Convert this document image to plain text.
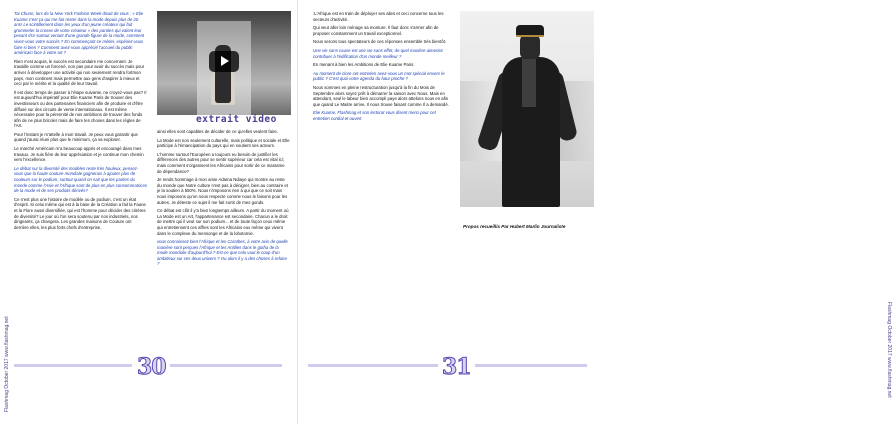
Tai Chunn, lors de la New York Fashion Week disait de vous : « Elie Kuame c'est ça qui me fait rester dans la mode depuis plus de 20 ans! Le scintillement dans les yeux d'un jeune créateur qui fait grommeler la crosse de votre créateur » des paroles qui valent leur pesant d'or surtout venant d'une grande figure de la mode, comment vivez-vous votre succès ? En commençant ce métier, espériez-vous faire si bien ? Comment avez-vous apprécié l'accueil du public américain face à votre art ?

Rien n'est acquis, le succès est secondaire me concernant. Je travaille comme un forcené, non pas pour avoir du succès mais pour arriver à développer une activité qui non seulement rendra fortmon pays, mon continent mais permettre aux gens d'aspirer à mieux et ceci par le mérite et la qualité de leur travail.

Il est donc temps de passer à l'étape suivante, ne croyez-vous pas? Il est aujourd'hui impératif pour Elie Kuame Paris de trouver des investisseurs ou des partenaires financiers afin de produire et d'être diffusé sur des circuits de vente internationaux. Il est même nécessaire pour la pérennité de nos ambitions de trouver des fonds afin de ne plus bricoler mais de faire les choses dans les règles de l'Art.

Pour l'instant je m'attelle à mon travail. Je peux vous garantir que quand j'aurai réuni plus que le minimum, ça va exploser.

Le marché Américain m'a beaucoup appris et encouragé dans mes travaux. Je suis fière de leur appréciation et je continue mon chemin vers l'excellence.

Le débat sur la diversité des modèles reste très houleux, pensez-vous que la haute couture mondiale gagnerais à ajouter plus de couleurs sur le podium, surtout quand on sait que les parties du monde comme l'Asie et l'Afrique sont de plus en plus consommatrices de la mode et de ses produits dérivés?

Ce n'est plus une histoire de modèle ou de podium, c'est un état d'esprit. Si celui même qui est à la base de la Création a fait la Faune et la Flore aussi diversifiée, qui est l'homme pour décider des critères de diversité? Le jour où l'on sera soutenu par nos industriels, nos dirigeants, ça changera. Les grandes maisons de Couture ont derrière elles, les plus forts chefs d'entreprise,

extrait video

ainsi elles sont capables de décider de ce qu'elles veulent faire.

La Mode est non seulement culturelle, mais politique et sociale et Elle participe à l'émancipation du pays qui en soutient ses acteurs.

L'homme surtout l'Européen a toujours eu besoin de justifier les différences des autres pour se sentir supérieur car cela est vital ici; mais comment s'organisent les Africains pour sortir de ce marasme de dépendance?

Je rends hommage à mon amie Adama Ndiaye qui montre au reste du monde que Notre culture n'est pas à dénigrer, bien au contraire et je la soutien à 550%. Nous n'imposons rien à qui que ce soit mais nous imposons qu'on nous respecte comme nous le faisons pour les autres. Je déteste ce sujet il me fait sortir de mes gonds.

Ce débat est clôt il y'a bien longtemps ailleurs. A partir du moment où La Mode est un Art, l'appartenance est secondaire. Chacun a le droit de mettre qui il veut sur son podium... et de toute façon ceux même qui entretiennent ces affres sont les Africains eux même qui vivent dans le complexe du mensonge et de la lobotomie.

vous connaissez bien l'Afrique et les Caraïbes, à votre avis de quelle manière sont perçues l'Afrique et les Antilles dans le gotha de la mode mondiale d'aujourd'hui ? Est-ce que cela vaut le coup d'un ambitieux sur ces deux univers ? Ou alors il y a des choses à refaire ?

30
Flashmag October 2017 www.flashmag.net

:L'Afrique est en train de déployer ses ailes et ceci concerne tous les secteurs d'activité.

Qui veut aller loin ménage sa monture. Il faut donc s'armer afin de proposer constamment un travail exceptionnel.

Nous serons tous spectateurs de ces réponses ensemble très bientôt.

Une vie sans cause est une vie sans effet, de quel manière aimeriez contribuer à l'édification d'un monde meilleur ?

En menant à bien les Ambitions de Elie Kuame Paris.

Au moment de clore cet entretien avez-vous un mot spécial envers le public ? C'est quoi votre agenda du futur proche ?

Nous sommes en pleine restructuration jusqu'à la fin du Mois de Septembre alors soyez prêt à démarrer la saison avec Nous. Mais en attendant, seul le labeur bien accompli paye alors attelons nous en afin que quand Le Maitre arrive, Il nous trouve faisant comme Il a demandé.

Elie Kuame, Flashmag et son lectorat vous disent merci pour cet entretien cordial et ouvert

Propos recueillis Par Hubert Marlin Journaliste
31	Flashmag October 2017 www.flashmag.net
